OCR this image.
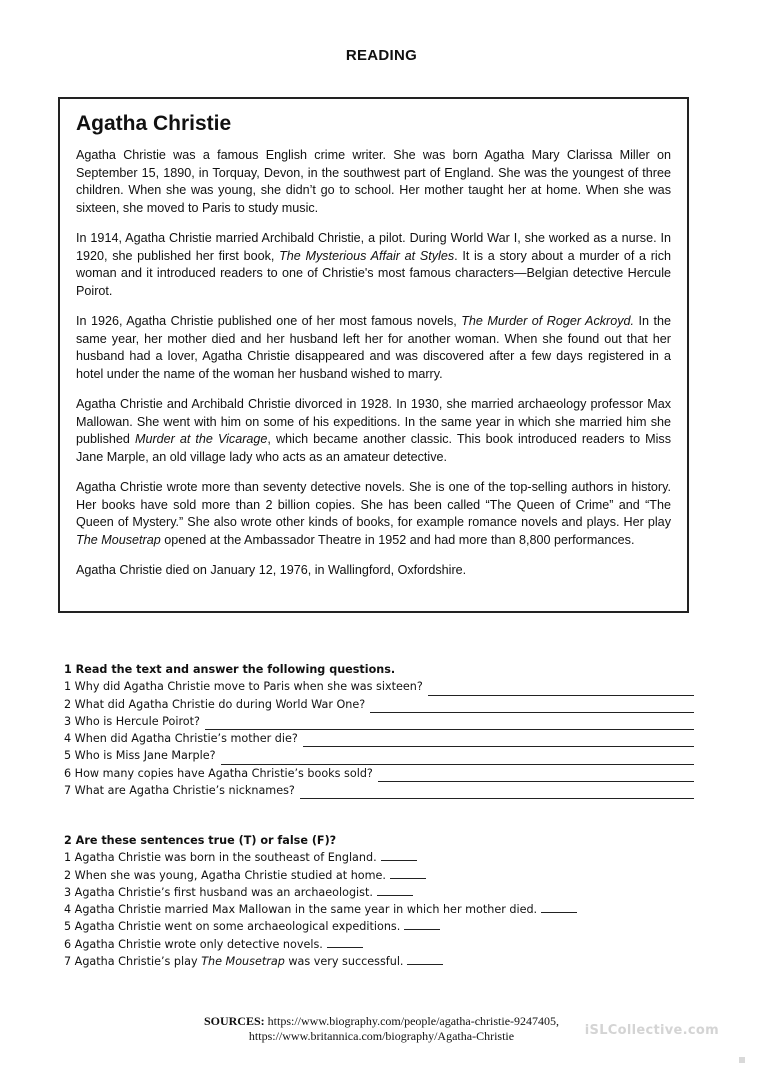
READING
Agatha Christie

Agatha Christie was a famous English crime writer. She was born Agatha Mary Clarissa Miller on September 15, 1890, in Torquay, Devon, in the southwest part of England. She was the youngest of three children. When she was young, she didn’t go to school. Her mother taught her at home. When she was sixteen, she moved to Paris to study music.

In 1914, Agatha Christie married Archibald Christie, a pilot. During World War I, she worked as a nurse. In 1920, she published her first book, The Mysterious Affair at Styles. It is a story about a murder of a rich woman and it introduced readers to one of Christie's most famous characters—Belgian detective Hercule Poirot.

In 1926, Agatha Christie published one of her most famous novels, The Murder of Roger Ackroyd. In the same year, her mother died and her husband left her for another woman. When she found out that her husband had a lover, Agatha Christie disappeared and was discovered after a few days registered in a hotel under the name of the woman her husband wished to marry.

Agatha Christie and Archibald Christie divorced in 1928. In 1930, she married archaeology professor Max Mallowan. She went with him on some of his expeditions. In the same year in which she married him she published Murder at the Vicarage, which became another classic. This book introduced readers to Miss Jane Marple, an old village lady who acts as an amateur detective.

Agatha Christie wrote more than seventy detective novels. She is one of the top-selling authors in history. Her books have sold more than 2 billion copies. She has been called “The Queen of Crime” and “The Queen of Mystery.” She also wrote other kinds of books, for example romance novels and plays. Her play The Mousetrap opened at the Ambassador Theatre in 1952 and had more than 8,800 performances.

Agatha Christie died on January 12, 1976, in Wallingford, Oxfordshire.

1 Read the text and answer the following questions.
1 Why did Agatha Christie move to Paris when she was sixteen?
2 What did Agatha Christie do during World War One?
3 Who is Hercule Poirot?
4 When did Agatha Christie’s mother die?
5 Who is Miss Jane Marple?
6 How many copies have Agatha Christie’s books sold?
7 What are Agatha Christie’s nicknames?
2 Are these sentences true (T) or false (F)?
1 Agatha Christie was born in the southeast of England.
2 When she was young, Agatha Christie studied at home.
3 Agatha Christie’s first husband was an archaeologist.
4 Agatha Christie married Max Mallowan in the same year in which her mother died.
5 Agatha Christie went on some archaeological expeditions.
6 Agatha Christie wrote only detective novels.
7 Agatha Christie’s play The Mousetrap was very successful.
SOURCES: https://www.biography.com/people/agatha-christie-9247405,
https://www.britannica.com/biography/Agatha-Christie	iSLCollective.com
